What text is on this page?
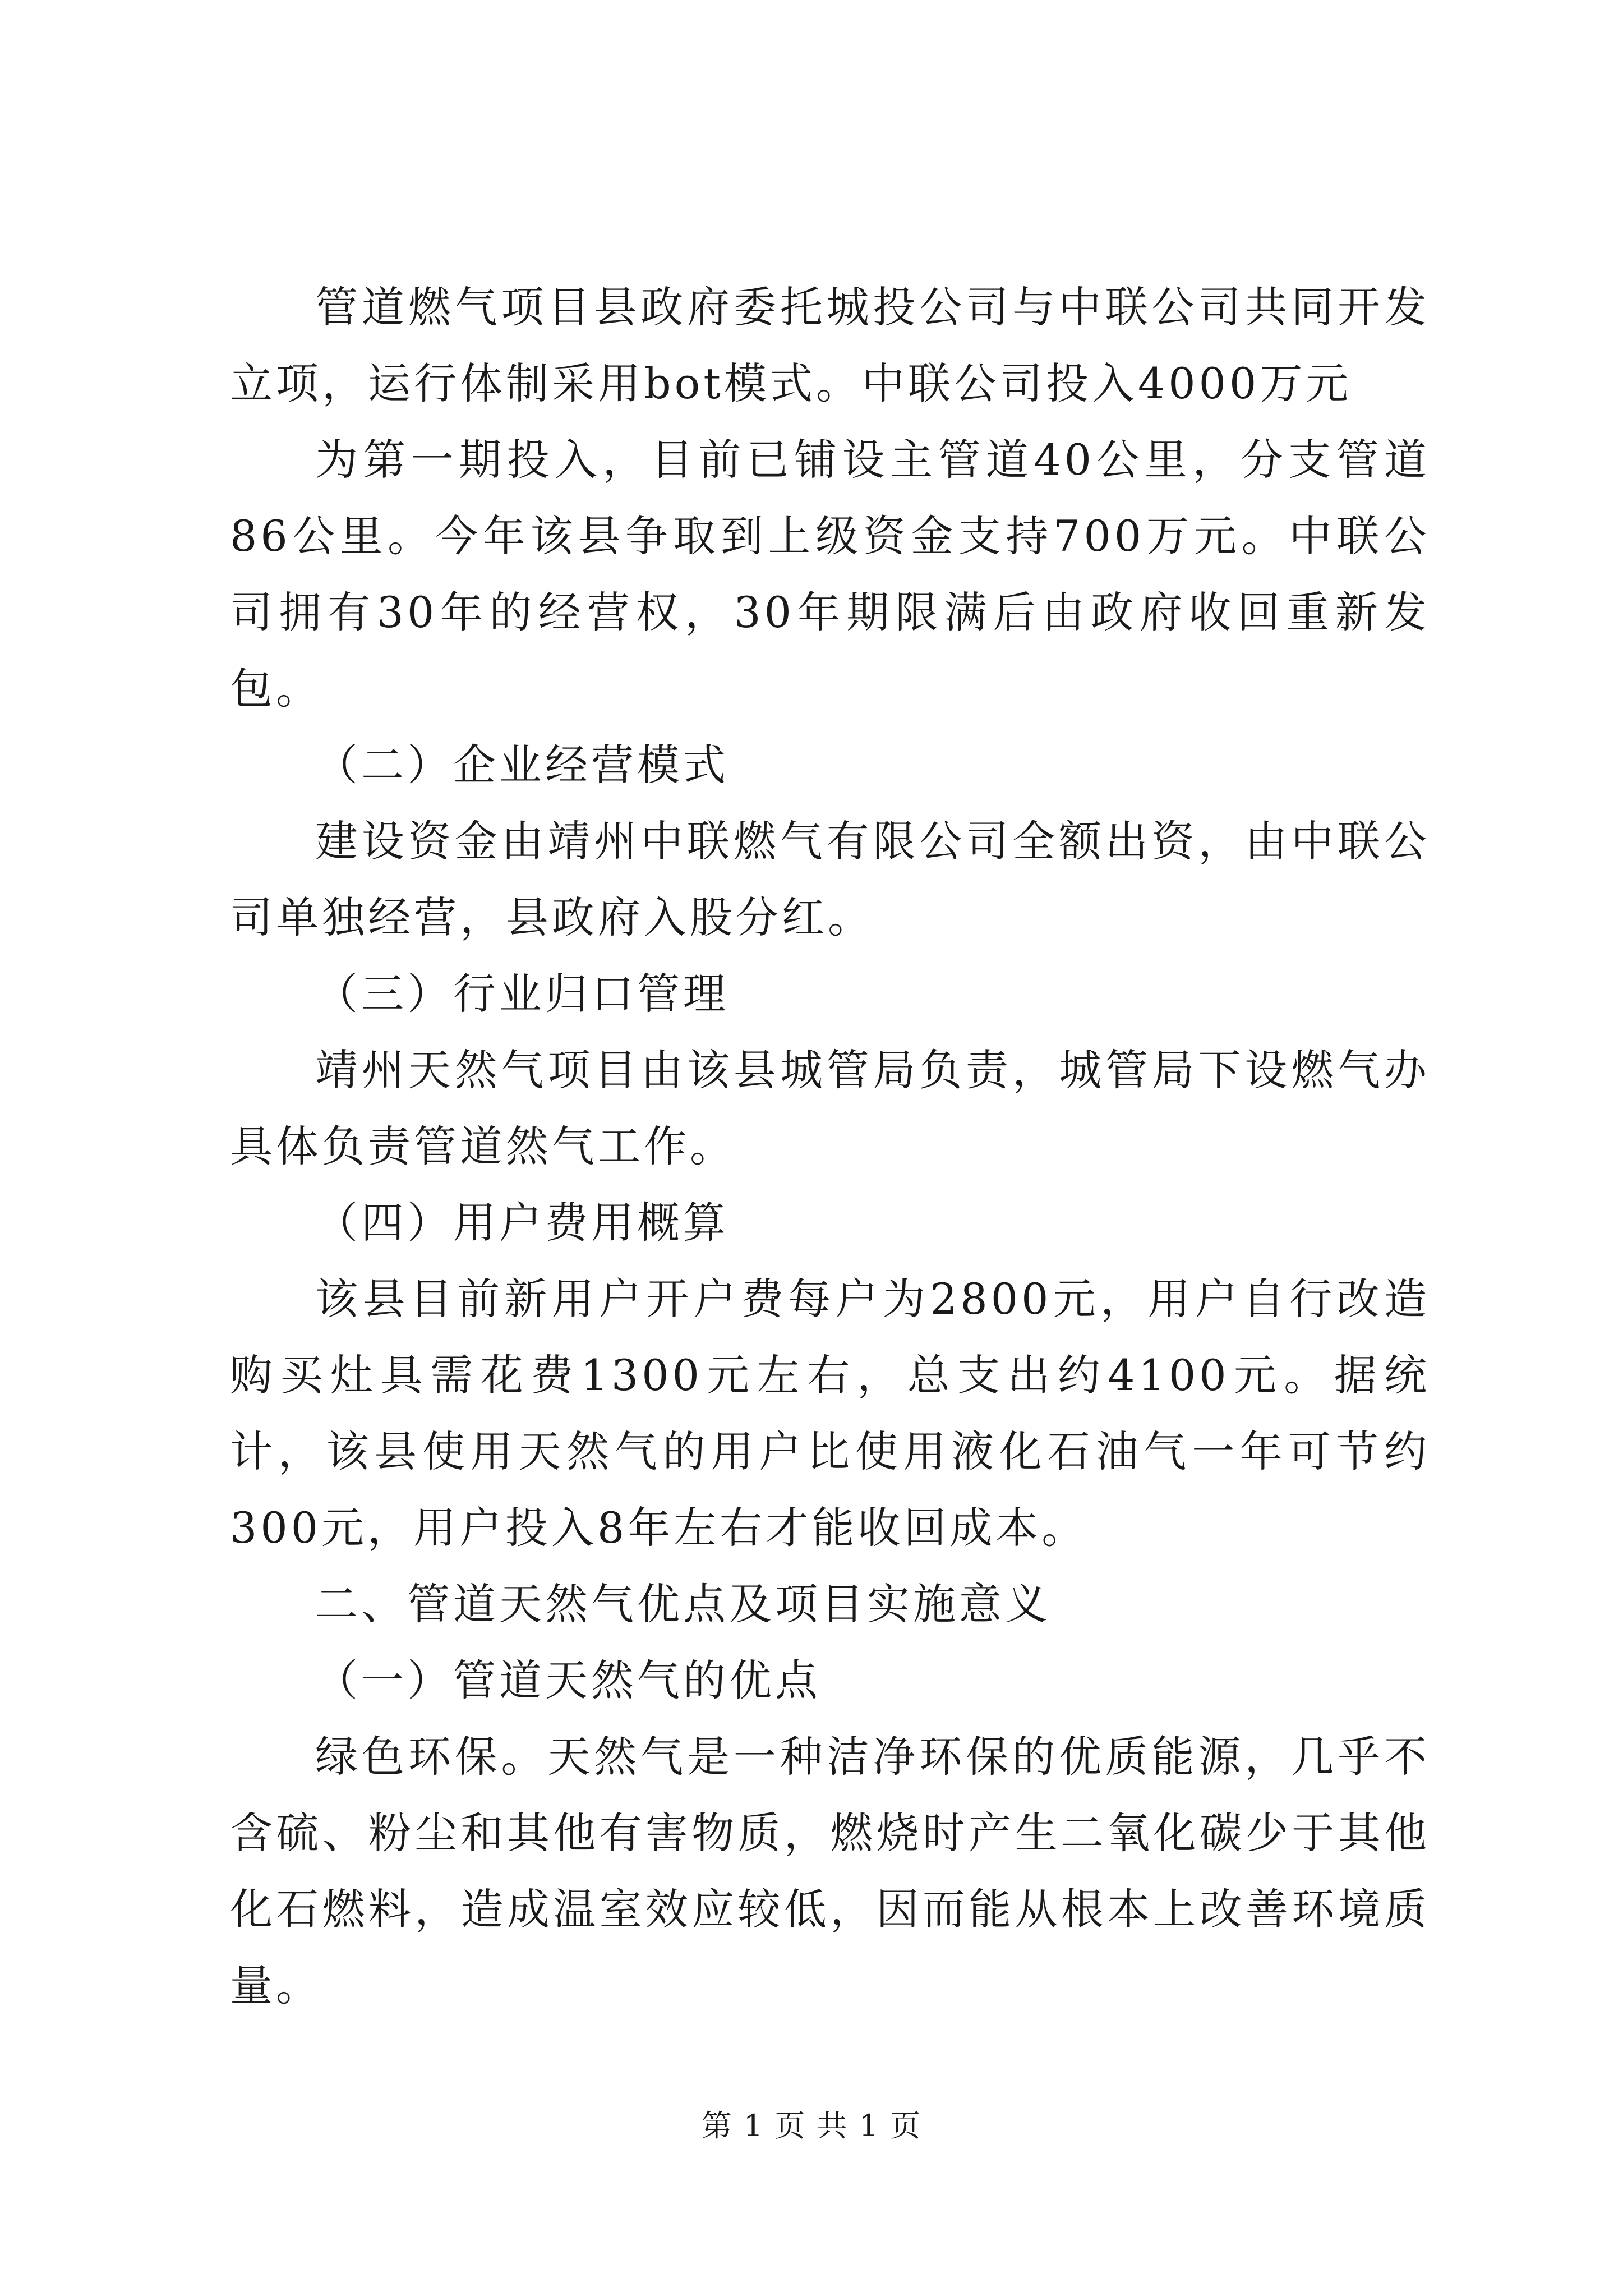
管道燃气项目县政府委托城投公司与中联公司共同开发立项，运行体制采用bot模式。中联公司投入4000万元

为第一期投入，目前已铺设主管道40公里，分支管道86公里。今年该县争取到上级资金支持700万元。中联公司拥有30年的经营权，30年期限满后由政府收回重新发包。

（二）企业经营模式

建设资金由靖州中联燃气有限公司全额出资，由中联公司单独经营，县政府入股分红。

（三）行业归口管理

靖州天然气项目由该县城管局负责，城管局下设燃气办具体负责管道然气工作。

（四）用户费用概算

该县目前新用户开户费每户为2800元，用户自行改造购买灶具需花费1300元左右，总支出约4100元。据统计，该县使用天然气的用户比使用液化石油气一年可节约300元，用户投入8年左右才能收回成本。

二、管道天然气优点及项目实施意义

（一）管道天然气的优点

绿色环保。天然气是一种洁净环保的优质能源，几乎不含硫、粉尘和其他有害物质，燃烧时产生二氧化碳少于其他化石燃料，造成温室效应较低，因而能从根本上改善环境质量。

第 1 页 共 1 页
